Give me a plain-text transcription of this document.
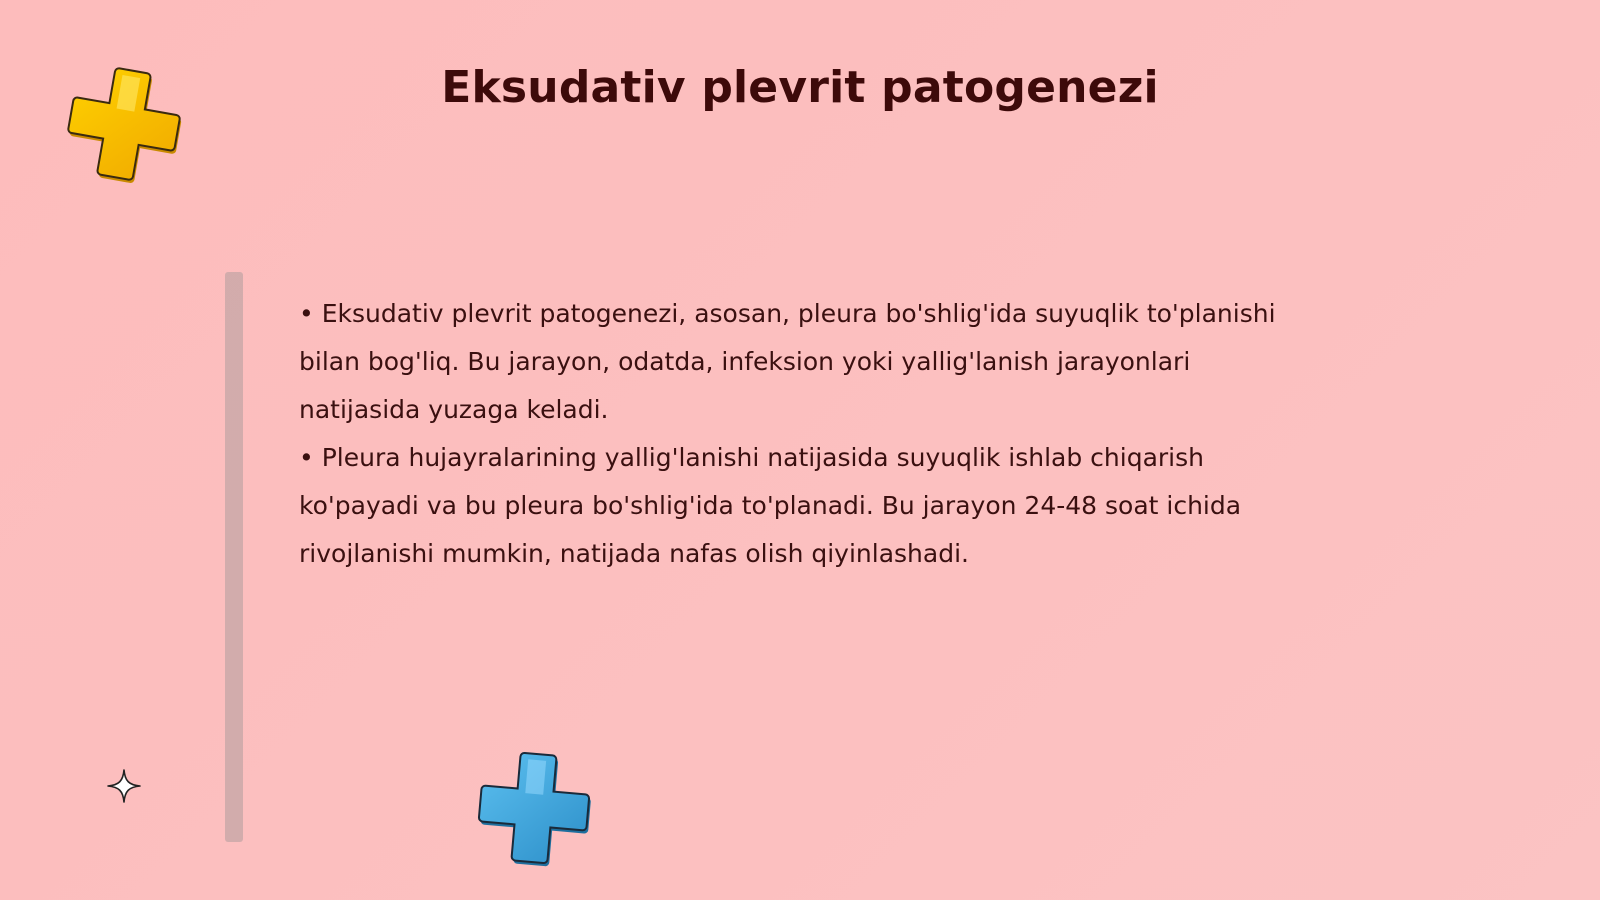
Eksudativ plevrit patogenezi

• Eksudativ plevrit patogenezi, asosan, pleura bo'shlig'ida suyuqlik to'planishi bilan bog'liq. Bu jarayon, odatda, infeksion yoki yallig'lanish jarayonlari natijasida yuzaga keladi.

• Pleura hujayralarining yallig'lanishi natijasida suyuqlik ishlab chiqarish ko'payadi va bu pleura bo'shlig'ida to'planadi. Bu jarayon 24-48 soat ichida rivojlanishi mumkin, natijada nafas olish qiyinlashadi.
